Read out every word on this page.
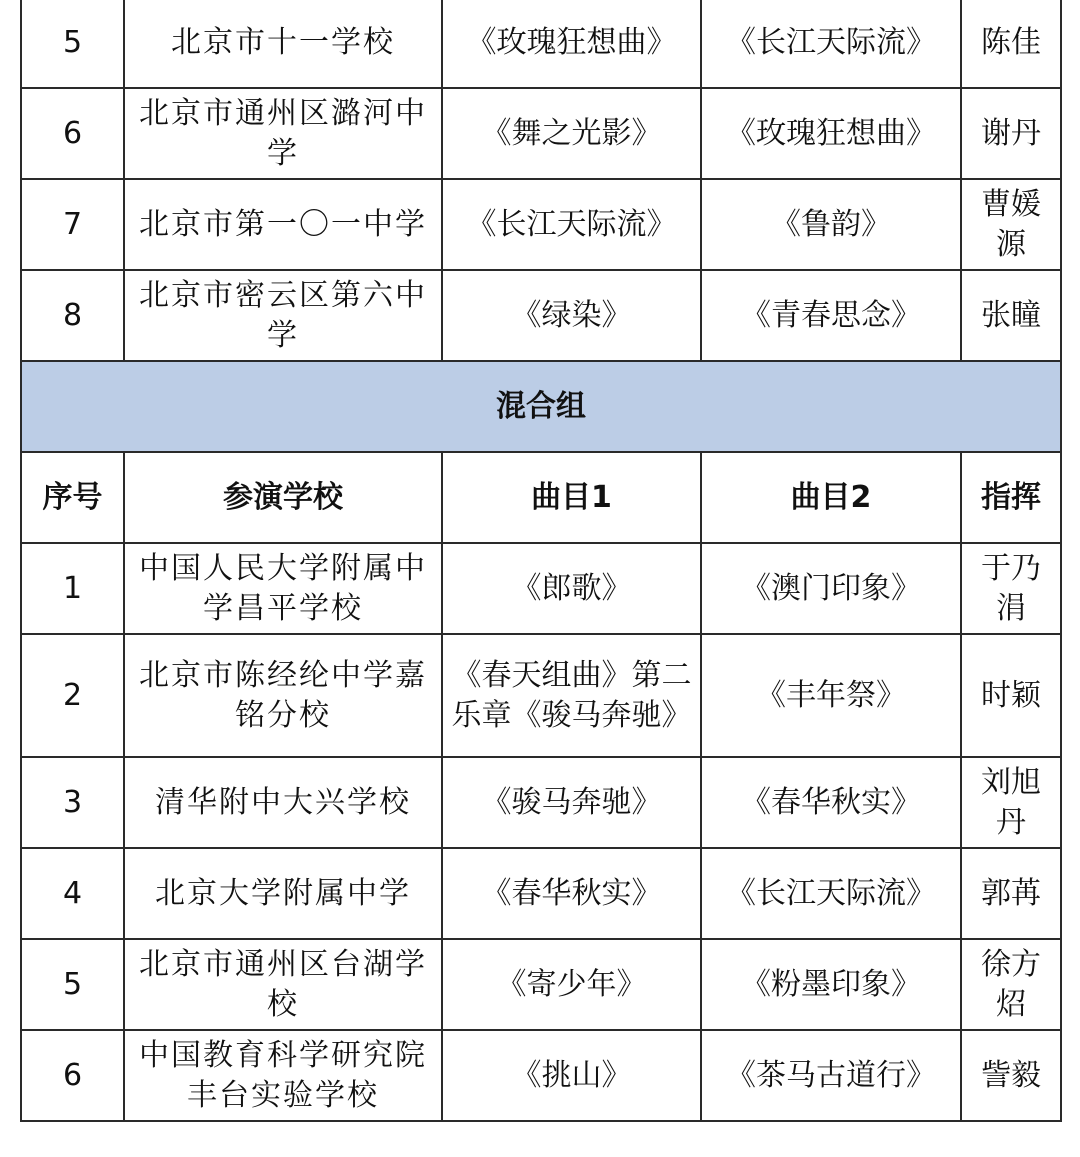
5	北京市十一学校	《玫瑰狂想曲》	《长江天际流》	陈佳
6	北京市通州区潞河中学	《舞之光影》	《玫瑰狂想曲》	谢丹
7	北京市第一〇一中学	《长江天际流》	《鲁韵》	曹媛源
8	北京市密云区第六中学	《绿染》	《青春思念》	张瞳
混合组				
序号	参演学校	曲目1	曲目2	指挥
1	中国人民大学附属中学昌平学校	《郎歌》	《澳门印象》	于乃涓
2	北京市陈经纶中学嘉铭分校	《春天组曲》第二乐章《骏马奔驰》	《丰年祭》	时颖
3	清华附中大兴学校	《骏马奔驰》	《春华秋实》	刘旭丹
4	北京大学附属中学	《春华秋实》	《长江天际流》	郭苒
5	北京市通州区台湖学校	《寄少年》	《粉墨印象》	徐方炤
6	中国教育科学研究院丰台实验学校	《挑山》	《茶马古道行》	訾毅
